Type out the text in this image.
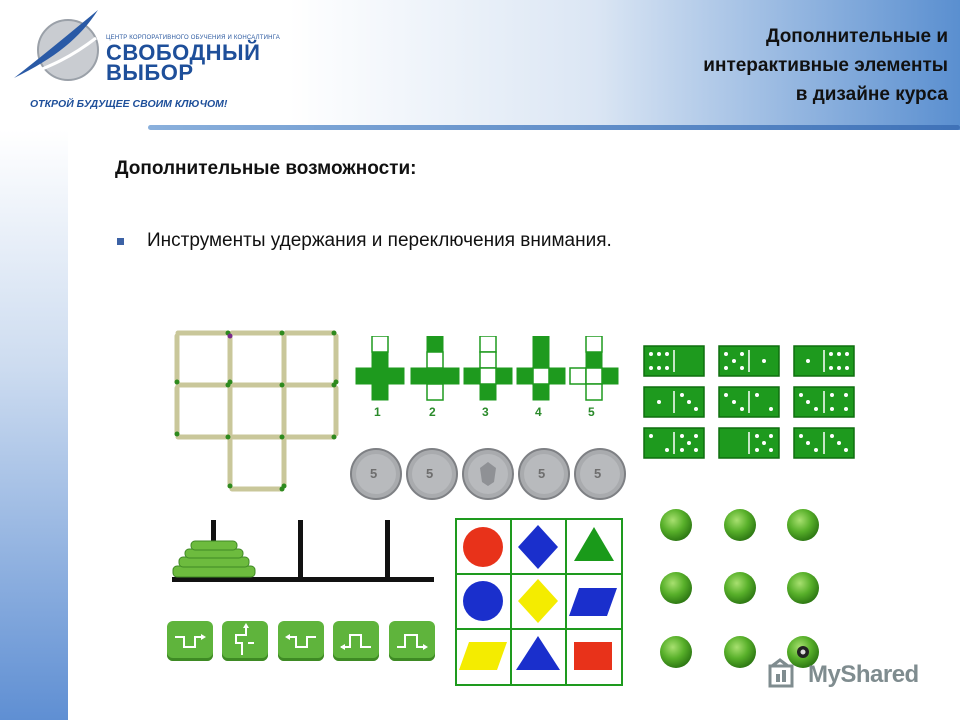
ЦЕНТР КОРПОРАТИВНОГО ОБУЧЕНИЯ И КОНСАЛТИНГА
СВОБОДНЫЙ
ВЫБОР
ОТКРОЙ БУДУЩЕЕ СВОИМ КЛЮЧОМ!
Дополнительные и
интерактивные элементы
в дизайне курса
Дополнительные возможности:
Инструменты удержания и переключения внимания.
1	2	3	4	5
5	5	5	5
MyShared
